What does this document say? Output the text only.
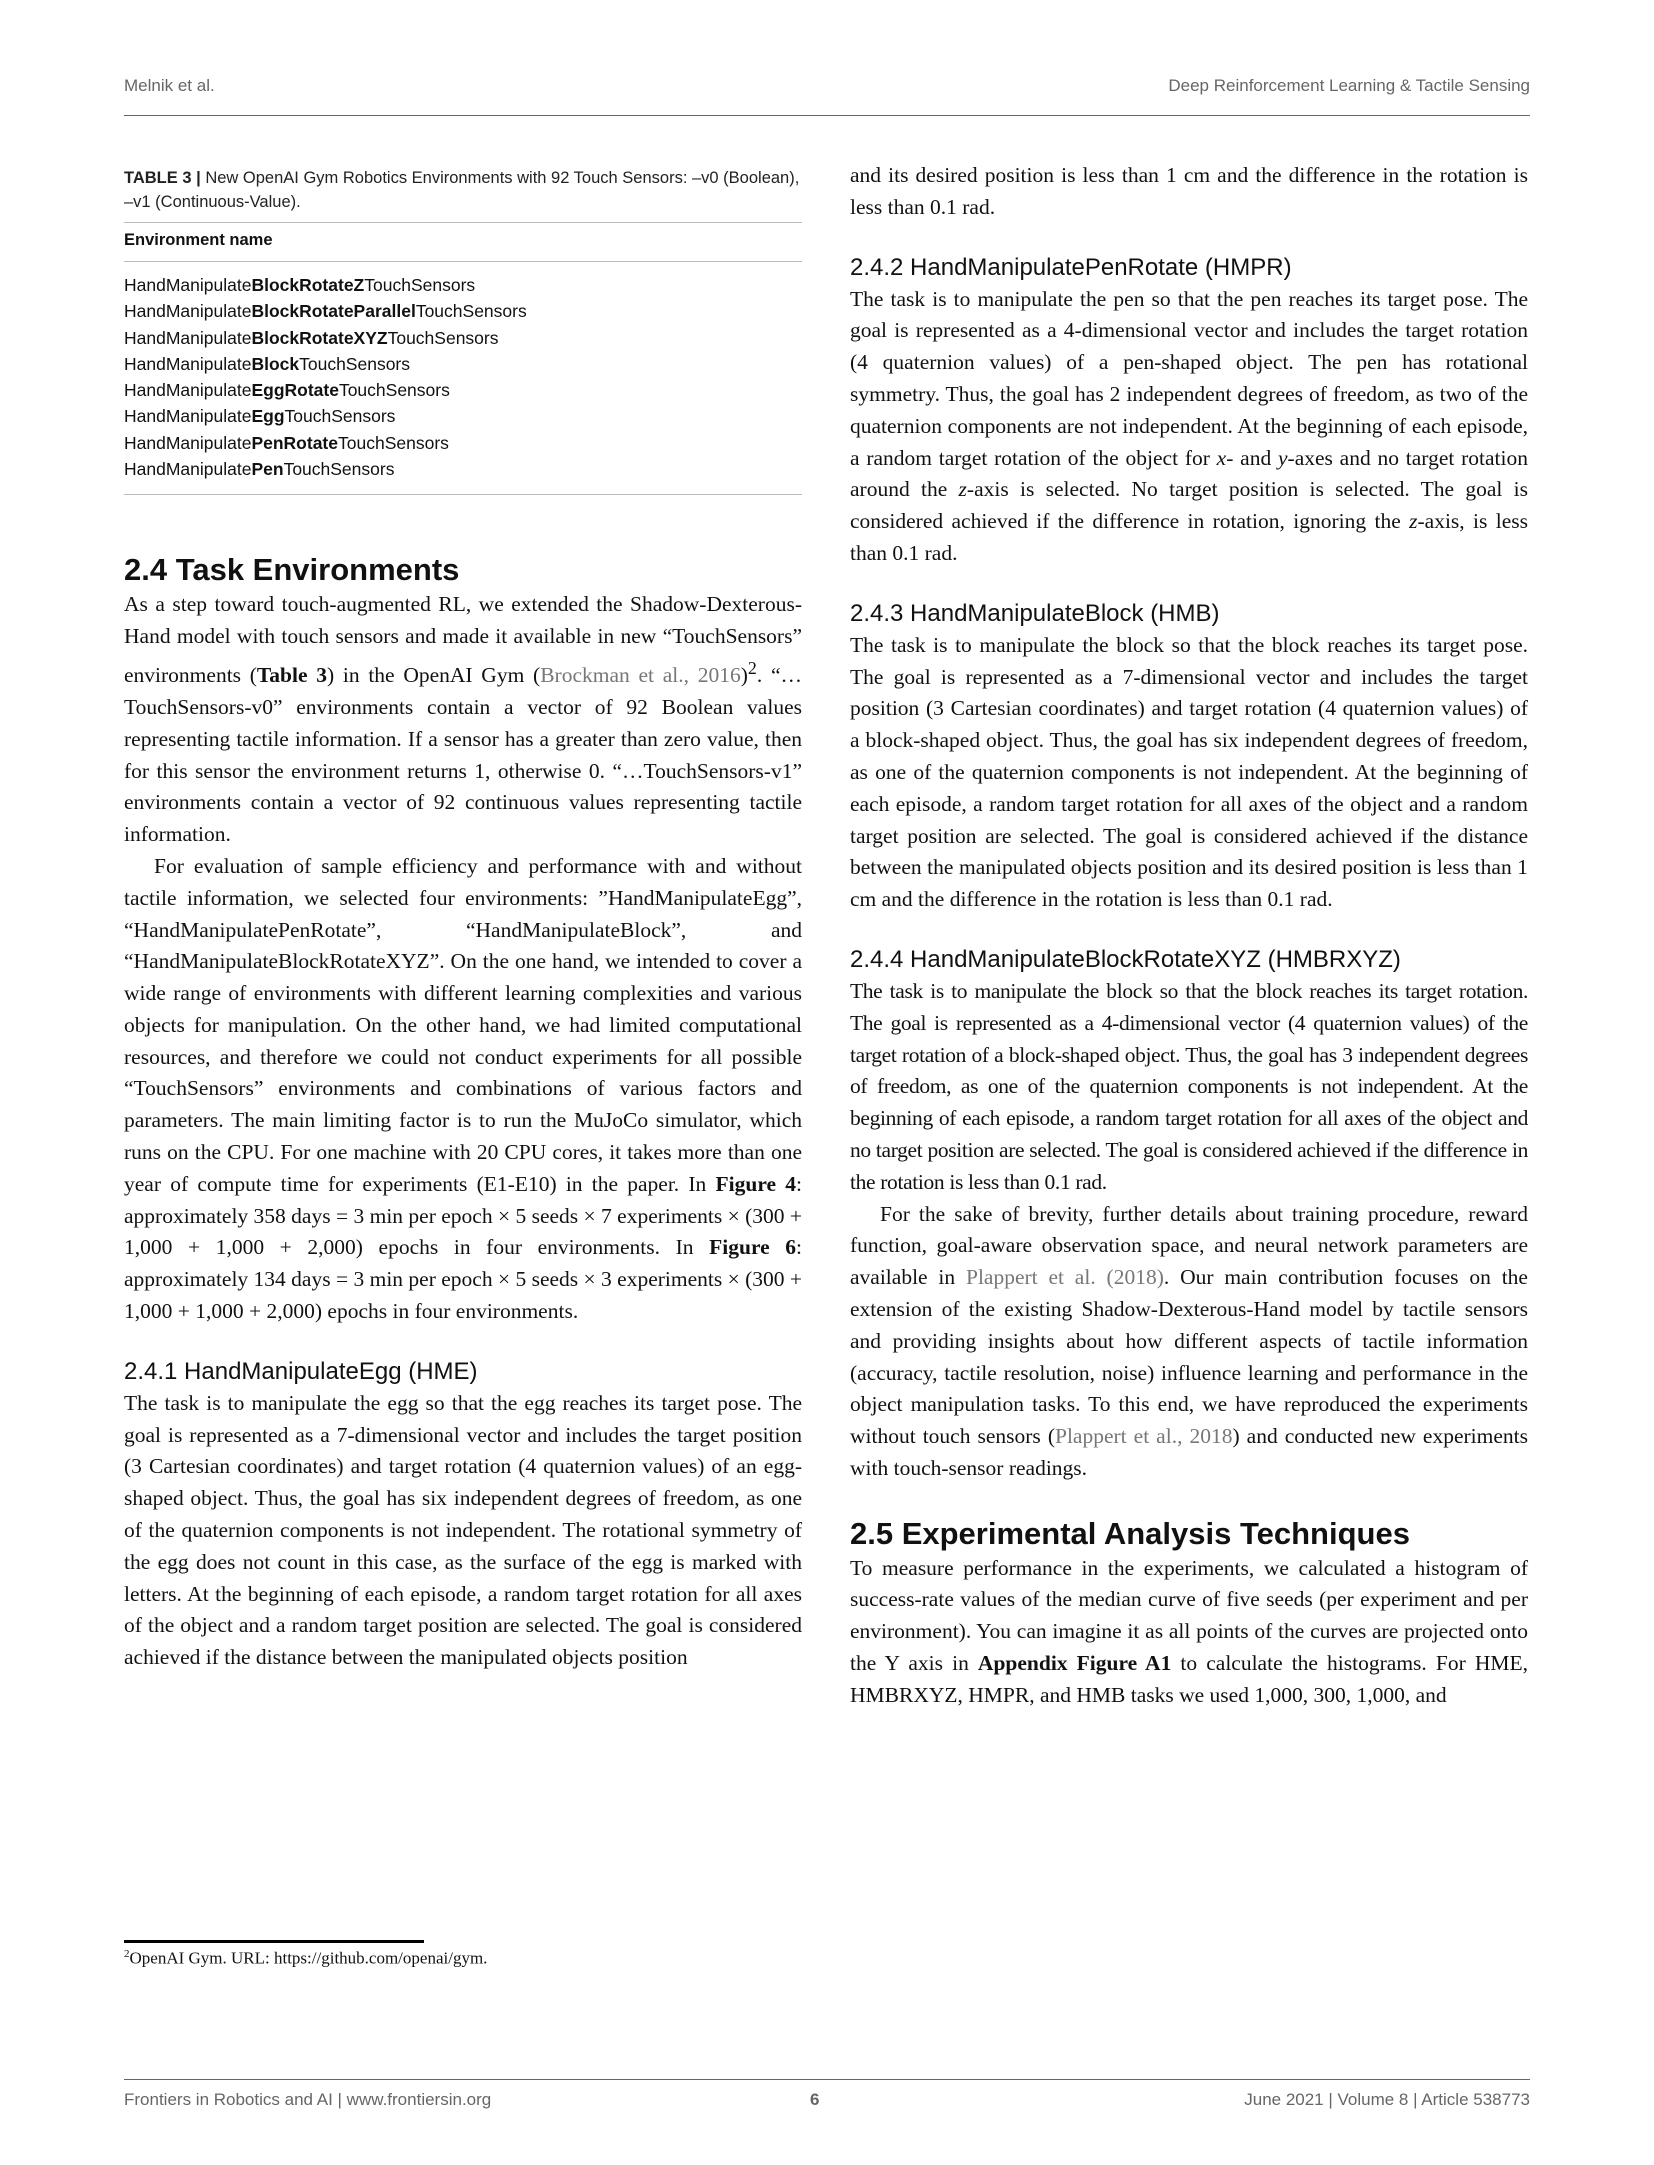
Melnik et al.	Deep Reinforcement Learning & Tactile Sensing
TABLE 3 | New OpenAI Gym Robotics Environments with 92 Touch Sensors: –v0 (Boolean), –v1 (Continuous-Value).
Environment name
HandManipulateBlockRotateZTouchSensors
HandManipulateBlockRotateParallelTouchSensors
HandManipulateBlockRotateXYZTouchSensors
HandManipulateBlockTouchSensors
HandManipulateEggRotateTouchSensors
HandManipulateEggTouchSensors
HandManipulatePenRotateTouchSensors
HandManipulatePenTouchSensors
2.4 Task Environments

As a step toward touch-augmented RL, we extended the Shadow-Dexterous-Hand model with touch sensors and made it available in new “TouchSensors” environments (Table 3) in the OpenAI Gym (Brockman et al., 2016)$^2$. “…TouchSensors-v0” environments contain a vector of 92 Boolean values representing tactile information. If a sensor has a greater than zero value, then for this sensor the environment returns 1, otherwise 0. “…TouchSensors-v1” environments contain a vector of 92 continuous values representing tactile information.

For evaluation of sample efficiency and performance with and without tactile information, we selected four environments: ”HandManipulateEgg”, “HandManipulatePenRotate”, “HandManipulateBlock”, and “HandManipulateBlockRotateXYZ”. On the one hand, we intended to cover a wide range of environments with different learning complexities and various objects for manipulation. On the other hand, we had limited computational resources, and therefore we could not conduct experiments for all possible “TouchSensors” environments and combinations of various factors and parameters. The main limiting factor is to run the MuJoCo simulator, which runs on the CPU. For one machine with 20 CPU cores, it takes more than one year of compute time for experiments (E1-E10) in the paper. In Figure 4: approximately 358 days = 3 min per epoch × 5 seeds × 7 experiments × (300 + 1,000 + 1,000 + 2,000) epochs in four environments. In Figure 6: approximately 134 days = 3 min per epoch × 5 seeds × 3 experiments × (300 + 1,000 + 1,000 + 2,000) epochs in four environments.

2.4.1 HandManipulateEgg (HME)

The task is to manipulate the egg so that the egg reaches its target pose. The goal is represented as a 7-dimensional vector and includes the target position (3 Cartesian coordinates) and target rotation (4 quaternion values) of an egg-shaped object. Thus, the goal has six independent degrees of freedom, as one of the quaternion components is not independent. The rotational symmetry of the egg does not count in this case, as the surface of the egg is marked with letters. At the beginning of each episode, a random target rotation for all axes of the object and a random target position are selected. The goal is considered achieved if the distance between the manipulated objects position

and its desired position is less than 1 cm and the difference in the rotation is less than 0.1 rad.

2.4.2 HandManipulatePenRotate (HMPR)

The task is to manipulate the pen so that the pen reaches its target pose. The goal is represented as a 4-dimensional vector and includes the target rotation (4 quaternion values) of a pen-shaped object. The pen has rotational symmetry. Thus, the goal has 2 independent degrees of freedom, as two of the quaternion components are not independent. At the beginning of each episode, a random target rotation of the object for x- and y-axes and no target rotation around the z-axis is selected. No target position is selected. The goal is considered achieved if the difference in rotation, ignoring the z-axis, is less than 0.1 rad.

2.4.3 HandManipulateBlock (HMB)

The task is to manipulate the block so that the block reaches its target pose. The goal is represented as a 7-dimensional vector and includes the target position (3 Cartesian coordinates) and target rotation (4 quaternion values) of a block-shaped object. Thus, the goal has six independent degrees of freedom, as one of the quaternion components is not independent. At the beginning of each episode, a random target rotation for all axes of the object and a random target position are selected. The goal is considered achieved if the distance between the manipulated objects position and its desired position is less than 1 cm and the difference in the rotation is less than 0.1 rad.

2.4.4 HandManipulateBlockRotateXYZ (HMBRXYZ)

The task is to manipulate the block so that the block reaches its target rotation. The goal is represented as a 4-dimensional vector (4 quaternion values) of the target rotation of a block-shaped object. Thus, the goal has 3 independent degrees of freedom, as one of the quaternion components is not independent. At the beginning of each episode, a random target rotation for all axes of the object and no target position are selected. The goal is considered achieved if the difference in the rotation is less than 0.1 rad.

For the sake of brevity, further details about training procedure, reward function, goal-aware observation space, and neural network parameters are available in Plappert et al. (2018). Our main contribution focuses on the extension of the existing Shadow-Dexterous-Hand model by tactile sensors and providing insights about how different aspects of tactile information (accuracy, tactile resolution, noise) influence learning and performance in the object manipulation tasks. To this end, we have reproduced the experiments without touch sensors (Plappert et al., 2018) and conducted new experiments with touch-sensor readings.

2.5 Experimental Analysis Techniques

To measure performance in the experiments, we calculated a histogram of success-rate values of the median curve of five seeds (per experiment and per environment). You can imagine it as all points of the curves are projected onto the Y axis in Appendix Figure A1 to calculate the histograms. For HME, HMBRXYZ, HMPR, and HMB tasks we used 1,000, 300, 1,000, and

$^2$OpenAI Gym. URL: https://github.com/openai/gym.
Frontiers in Robotics and AI | www.frontiersin.org	6	June 2021 | Volume 8 | Article 538773
